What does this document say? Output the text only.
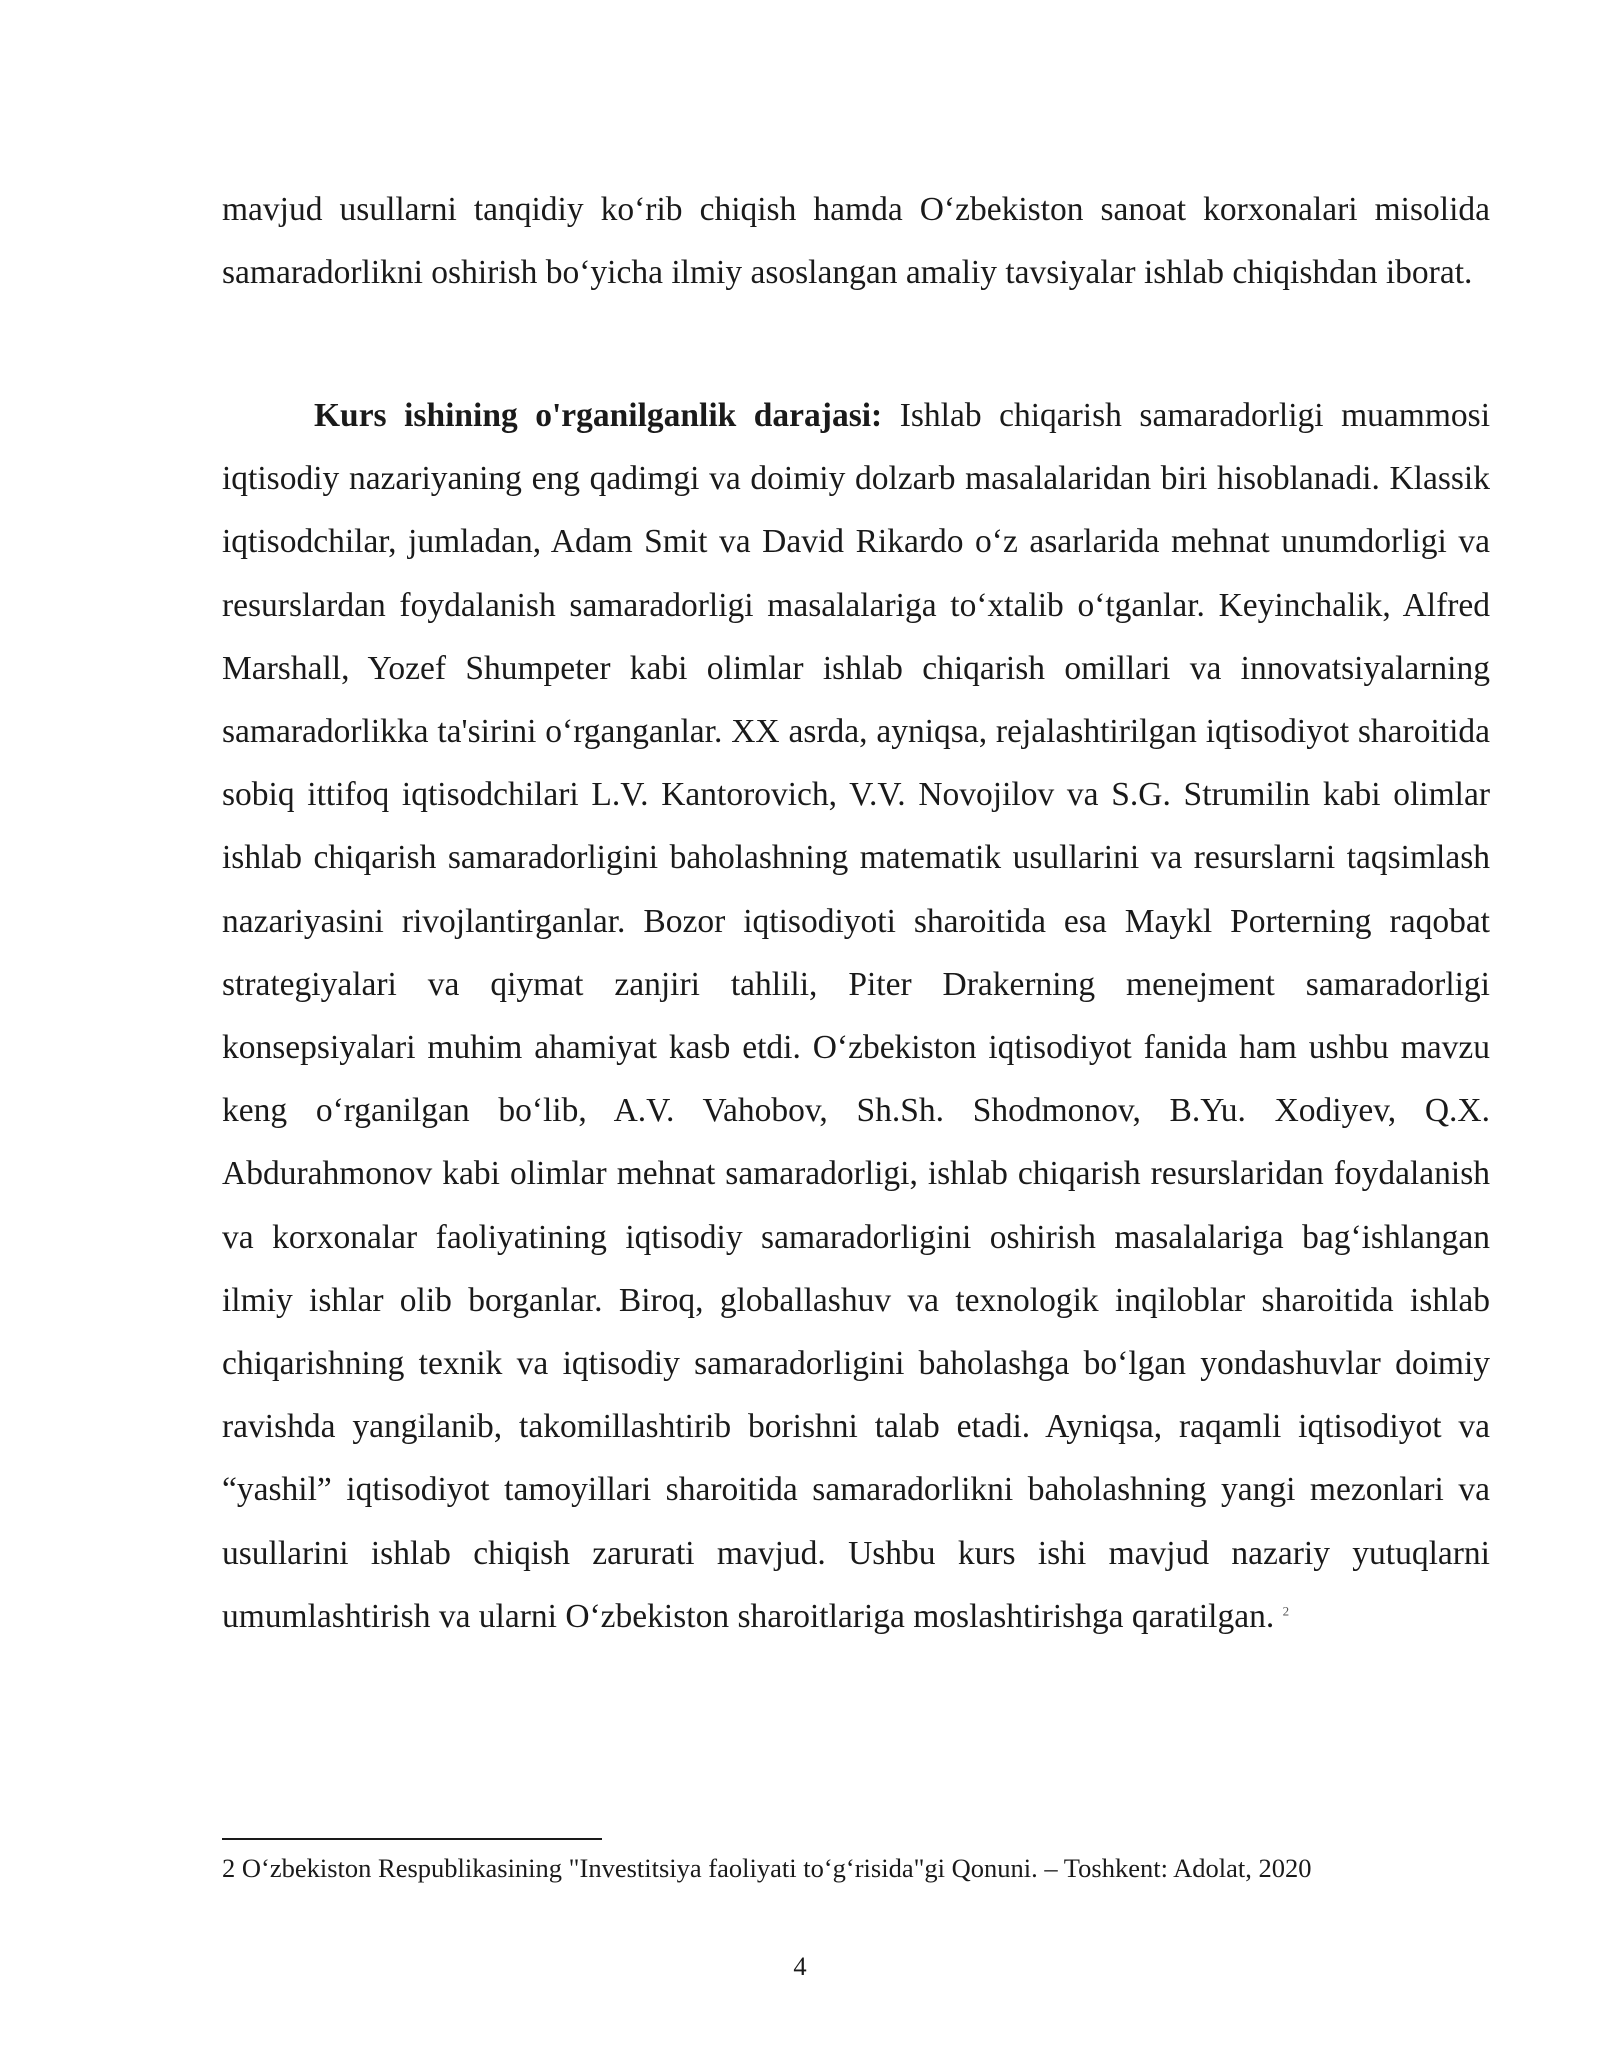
mavjud usullarni tanqidiy ko‘rib chiqish hamda O‘zbekiston sanoat korxonalari misolida samaradorlikni oshirish bo‘yicha ilmiy asoslangan amaliy tavsiyalar ishlab chiqishdan iborat.

Kurs ishining o'rganilganlik darajasi: Ishlab chiqarish samaradorligi muammosi iqtisodiy nazariyaning eng qadimgi va doimiy dolzarb masalalaridan biri hisoblanadi. Klassik iqtisodchilar, jumladan, Adam Smit va David Rikardo o‘z asarlarida mehnat unumdorligi va resurslardan foydalanish samaradorligi masalalariga to‘xtalib o‘tganlar. Keyinchalik, Alfred Marshall, Yozef Shumpeter kabi olimlar ishlab chiqarish omillari va innovatsiyalarning samaradorlikka ta'sirini o‘rganganlar. XX asrda, ayniqsa, rejalashtirilgan iqtisodiyot sharoitida sobiq ittifoq iqtisodchilari L.V. Kantorovich, V.V. Novojilov va S.G. Strumilin kabi olimlar ishlab chiqarish samaradorligini baholashning matematik usullarini va resurslarni taqsimlash nazariyasini rivojlantirganlar. Bozor iqtisodiyoti sharoitida esa Maykl Porterning raqobat strategiyalari va qiymat zanjiri tahlili, Piter Drakerning menejment samaradorligi konsepsiyalari muhim ahamiyat kasb etdi. O‘zbekiston iqtisodiyot fanida ham ushbu mavzu keng o‘rganilgan bo‘lib, A.V. Vahobov, Sh.Sh. Shodmonov, B.Yu. Xodiyev, Q.X. Abdurahmonov kabi olimlar mehnat samaradorligi, ishlab chiqarish resurslaridan foydalanish va korxonalar faoliyatining iqtisodiy samaradorligini oshirish masalalariga bag‘ishlangan ilmiy ishlar olib borganlar. Biroq, globallashuv va texnologik inqiloblar sharoitida ishlab chiqarishning texnik va iqtisodiy samaradorligini baholashga bo‘lgan yondashuvlar doimiy ravishda yangilanib, takomillashtirib borishni talab etadi. Ayniqsa, raqamli iqtisodiyot va “yashil” iqtisodiyot tamoyillari sharoitida samaradorlikni baholashning yangi mezonlari va usullarini ishlab chiqish zarurati mavjud. Ushbu kurs ishi mavjud nazariy yutuqlarni umumlashtirish va ularni O‘zbekiston sharoitlariga moslashtirishga qaratilgan. $^2$

2 O‘zbekiston Respublikasining "Investitsiya faoliyati to‘g‘risida"gi Qonuni. – Toshkent: Adolat, 2020
4
